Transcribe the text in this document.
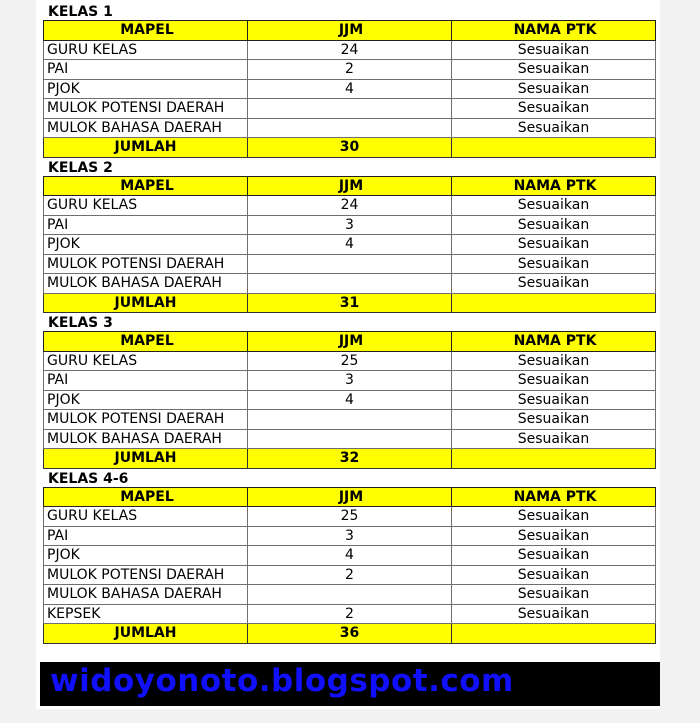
KELAS 1
MAPEL	JJM	NAMA PTK
GURU KELAS	24	Sesuaikan
PAI	2	Sesuaikan
PJOK	4	Sesuaikan
MULOK POTENSI DAERAH		Sesuaikan
MULOK BAHASA DAERAH		Sesuaikan
JUMLAH	30	
KELAS 2
MAPEL	JJM	NAMA PTK
GURU KELAS	24	Sesuaikan
PAI	3	Sesuaikan
PJOK	4	Sesuaikan
MULOK POTENSI DAERAH		Sesuaikan
MULOK BAHASA DAERAH		Sesuaikan
JUMLAH	31	
KELAS 3
MAPEL	JJM	NAMA PTK
GURU KELAS	25	Sesuaikan
PAI	3	Sesuaikan
PJOK	4	Sesuaikan
MULOK POTENSI DAERAH		Sesuaikan
MULOK BAHASA DAERAH		Sesuaikan
JUMLAH	32	
KELAS 4-6
MAPEL	JJM	NAMA PTK
GURU KELAS	25	Sesuaikan
PAI	3	Sesuaikan
PJOK	4	Sesuaikan
MULOK POTENSI DAERAH	2	Sesuaikan
MULOK BAHASA DAERAH		Sesuaikan
KEPSEK	2	Sesuaikan
JUMLAH	36	
widoyonoto.blogspot.com
